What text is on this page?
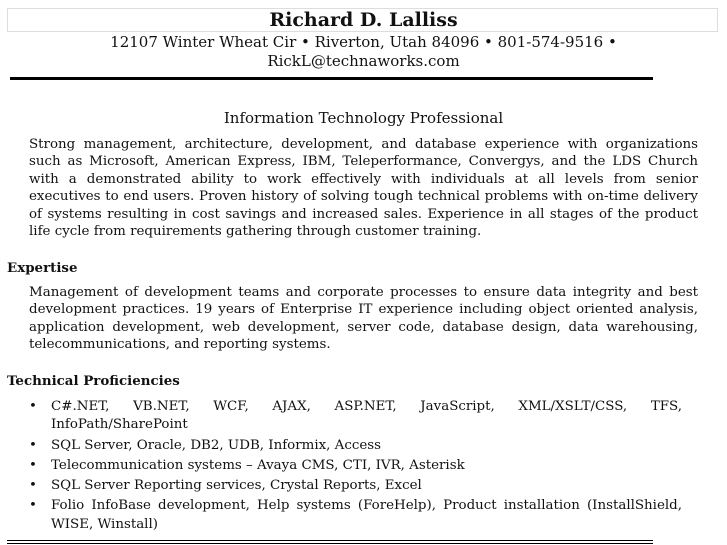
Richard D. Lalliss
12107 Winter Wheat Cir • Riverton, Utah 84096 • 801-574-9516 •
RickL@technaworks.com
Information Technology Professional

Strong management, architecture, development, and database experience with organizations such as Microsoft, American Express, IBM, Teleperformance, Convergys, and the LDS Church with a demonstrated ability to work effectively with individuals at all levels from senior executives to end users. Proven history of solving tough technical problems with on-time delivery of systems resulting in cost savings and increased sales. Experience in all stages of the product life cycle from requirements gathering through customer training.

Expertise

Management of development teams and corporate processes to ensure data integrity and best development practices. 19 years of Enterprise IT experience including object oriented analysis, application development, web development, server code, database design, data warehousing, telecommunications, and reporting systems.

Technical Proficiencies
• C#.NET, VB.NET, WCF, AJAX, ASP.NET, JavaScript, XML/XSLT/CSS, TFS, InfoPath/SharePoint
• SQL Server, Oracle, DB2, UDB, Informix, Access
• Telecommunication systems – Avaya CMS, CTI, IVR, Asterisk
• SQL Server Reporting services, Crystal Reports, Excel
• Folio InfoBase development, Help systems (ForeHelp), Product installation (InstallShield, WISE, Winstall)
